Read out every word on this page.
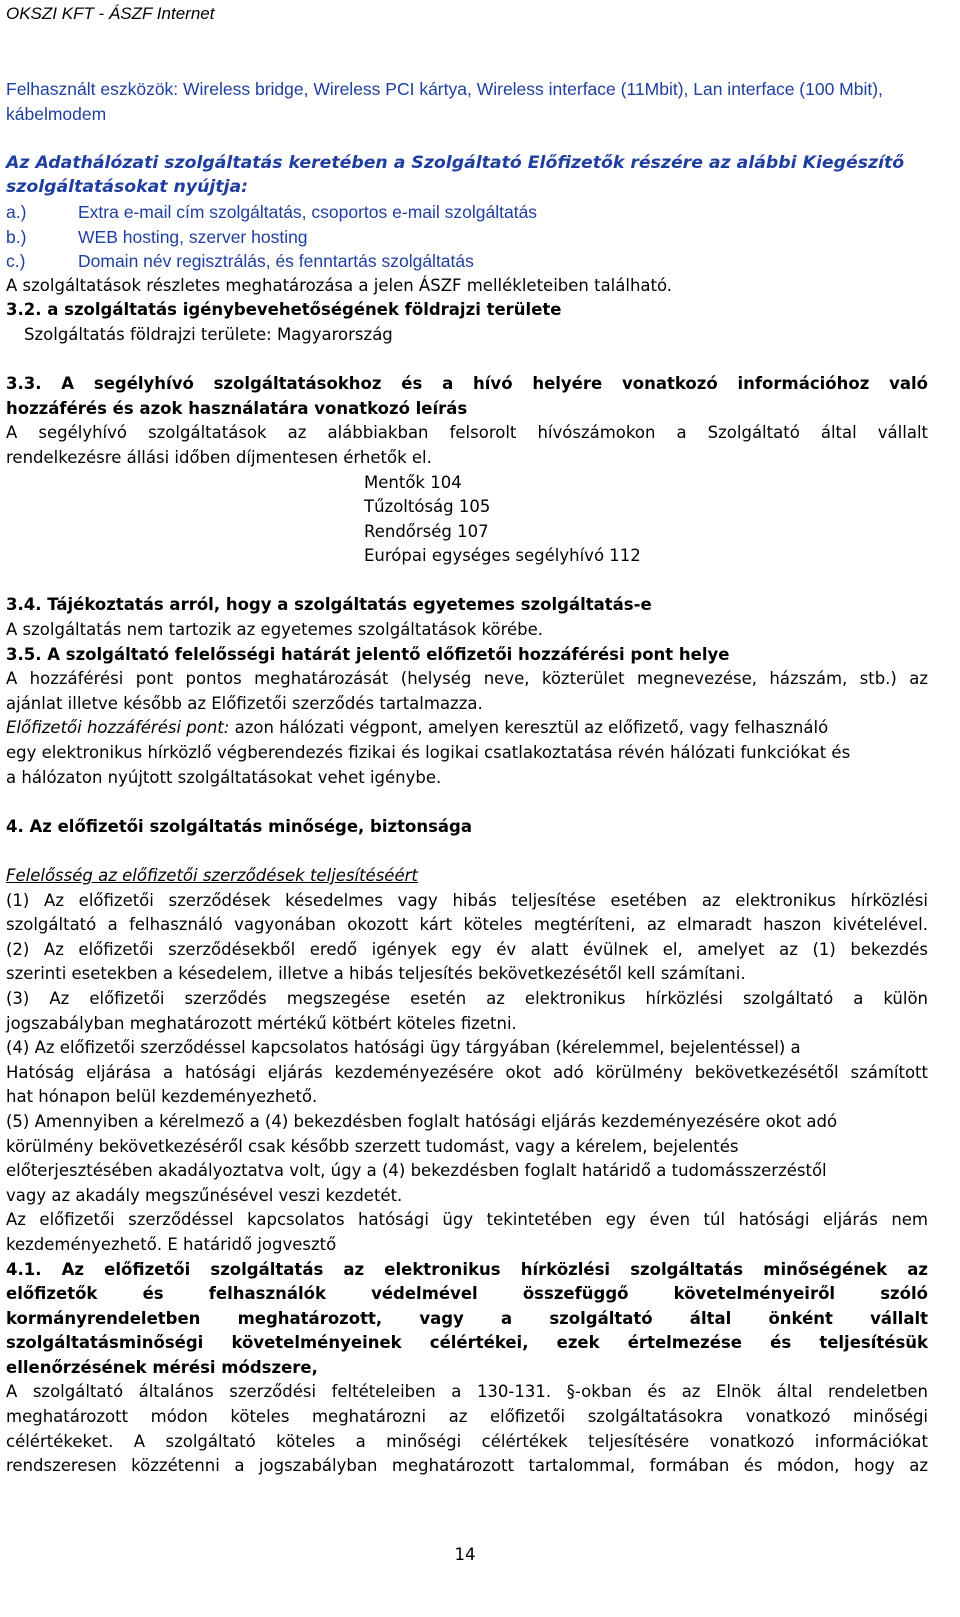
OKSZI KFT - ÁSZF Internet

Felhasznált eszközök: Wireless bridge, Wireless PCI kártya, Wireless interface (11Mbit), Lan interface (100 Mbit), kábelmodem

Az Adathálózati szolgáltatás keretében a Szolgáltató Előfizetők részére az alábbi Kiegészítő szolgáltatásokat nyújtja:

a.)	Extra e-mail cím szolgáltatás, csoportos e-mail szolgáltatás
b.)	WEB hosting, szerver hosting
c.)	Domain név regisztrálás, és fenntartás szolgáltatás

A szolgáltatások részletes meghatározása a jelen ÁSZF mellékleteiben található.

3.2. a szolgáltatás igénybevehetőségének földrajzi területe

Szolgáltatás földrajzi területe: Magyarország

3.3. A segélyhívó szolgáltatásokhoz és a hívó helyére vonatkozó információhoz való

hozzáférés és azok használatára vonatkozó leírás

A segélyhívó szolgáltatások az alábbiakban felsorolt hívószámokon a Szolgáltató által vállalt

rendelkezésre állási időben díjmentesen érhetők el.

Mentők 104

Tűzoltóság 105

Rendőrség 107

Európai egységes segélyhívó 112

3.4. Tájékoztatás arról, hogy a szolgáltatás egyetemes szolgáltatás-e

A szolgáltatás nem tartozik az egyetemes szolgáltatások körébe.

3.5. A szolgáltató felelősségi határát jelentő előfizetői hozzáférési pont helye

A hozzáférési pont pontos meghatározását (helység neve, közterület megnevezése, házszám, stb.) az

ajánlat illetve később az Előfizetői szerződés tartalmazza.

Előfizetői hozzáférési pont: azon hálózati végpont, amelyen keresztül az előfizető, vagy felhasználó

egy elektronikus hírközlő végberendezés fizikai és logikai csatlakoztatása révén hálózati funkciókat és

a hálózaton nyújtott szolgáltatásokat vehet igénybe.

4. Az előfizetői szolgáltatás minősége, biztonsága

Felelősség az előfizetői szerződések teljesítéséért

(1) Az előfizetői szerződések késedelmes vagy hibás teljesítése esetében az elektronikus hírközlési

szolgáltató a felhasználó vagyonában okozott kárt köteles megtéríteni, az elmaradt haszon kivételével.

(2) Az előfizetői szerződésekből eredő igények egy év alatt évülnek el, amelyet az (1) bekezdés

szerinti esetekben a késedelem, illetve a hibás teljesítés bekövetkezésétől kell számítani.

(3) Az előfizetői szerződés megszegése esetén az elektronikus hírközlési szolgáltató a külön

jogszabályban meghatározott mértékű kötbért köteles fizetni.

(4) Az előfizetői szerződéssel kapcsolatos hatósági ügy tárgyában (kérelemmel, bejelentéssel) a

Hatóság eljárása a hatósági eljárás kezdeményezésére okot adó körülmény bekövetkezésétől számított

hat hónapon belül kezdeményezhető.

(5) Amennyiben a kérelmező a (4) bekezdésben foglalt hatósági eljárás kezdeményezésére okot adó

körülmény bekövetkezéséről csak később szerzett tudomást, vagy a kérelem, bejelentés

előterjesztésében akadályoztatva volt, úgy a (4) bekezdésben foglalt határidő a tudomásszerzéstől

vagy az akadály megszűnésével veszi kezdetét.

Az előfizetői szerződéssel kapcsolatos hatósági ügy tekintetében egy éven túl hatósági eljárás nem

kezdeményezhető. E határidő jogvesztő

4.1. Az előfizetői szolgáltatás az elektronikus hírközlési szolgáltatás minőségének az

előfizetők és felhasználók védelmével összefüggő követelményeiről szóló

kormányrendeletben meghatározott, vagy a szolgáltató által önként vállalt

szolgáltatásminőségi követelményeinek célértékei, ezek értelmezése és teljesítésük

ellenőrzésének mérési módszere,

A szolgáltató általános szerződési feltételeiben a 130-131. §-okban és az Elnök által rendeletben

meghatározott módon köteles meghatározni az előfizetői szolgáltatásokra vonatkozó minőségi

célértékeket. A szolgáltató köteles a minőségi célértékek teljesítésére vonatkozó információkat

rendszeresen közzétenni a jogszabályban meghatározott tartalommal, formában és módon, hogy az

14
